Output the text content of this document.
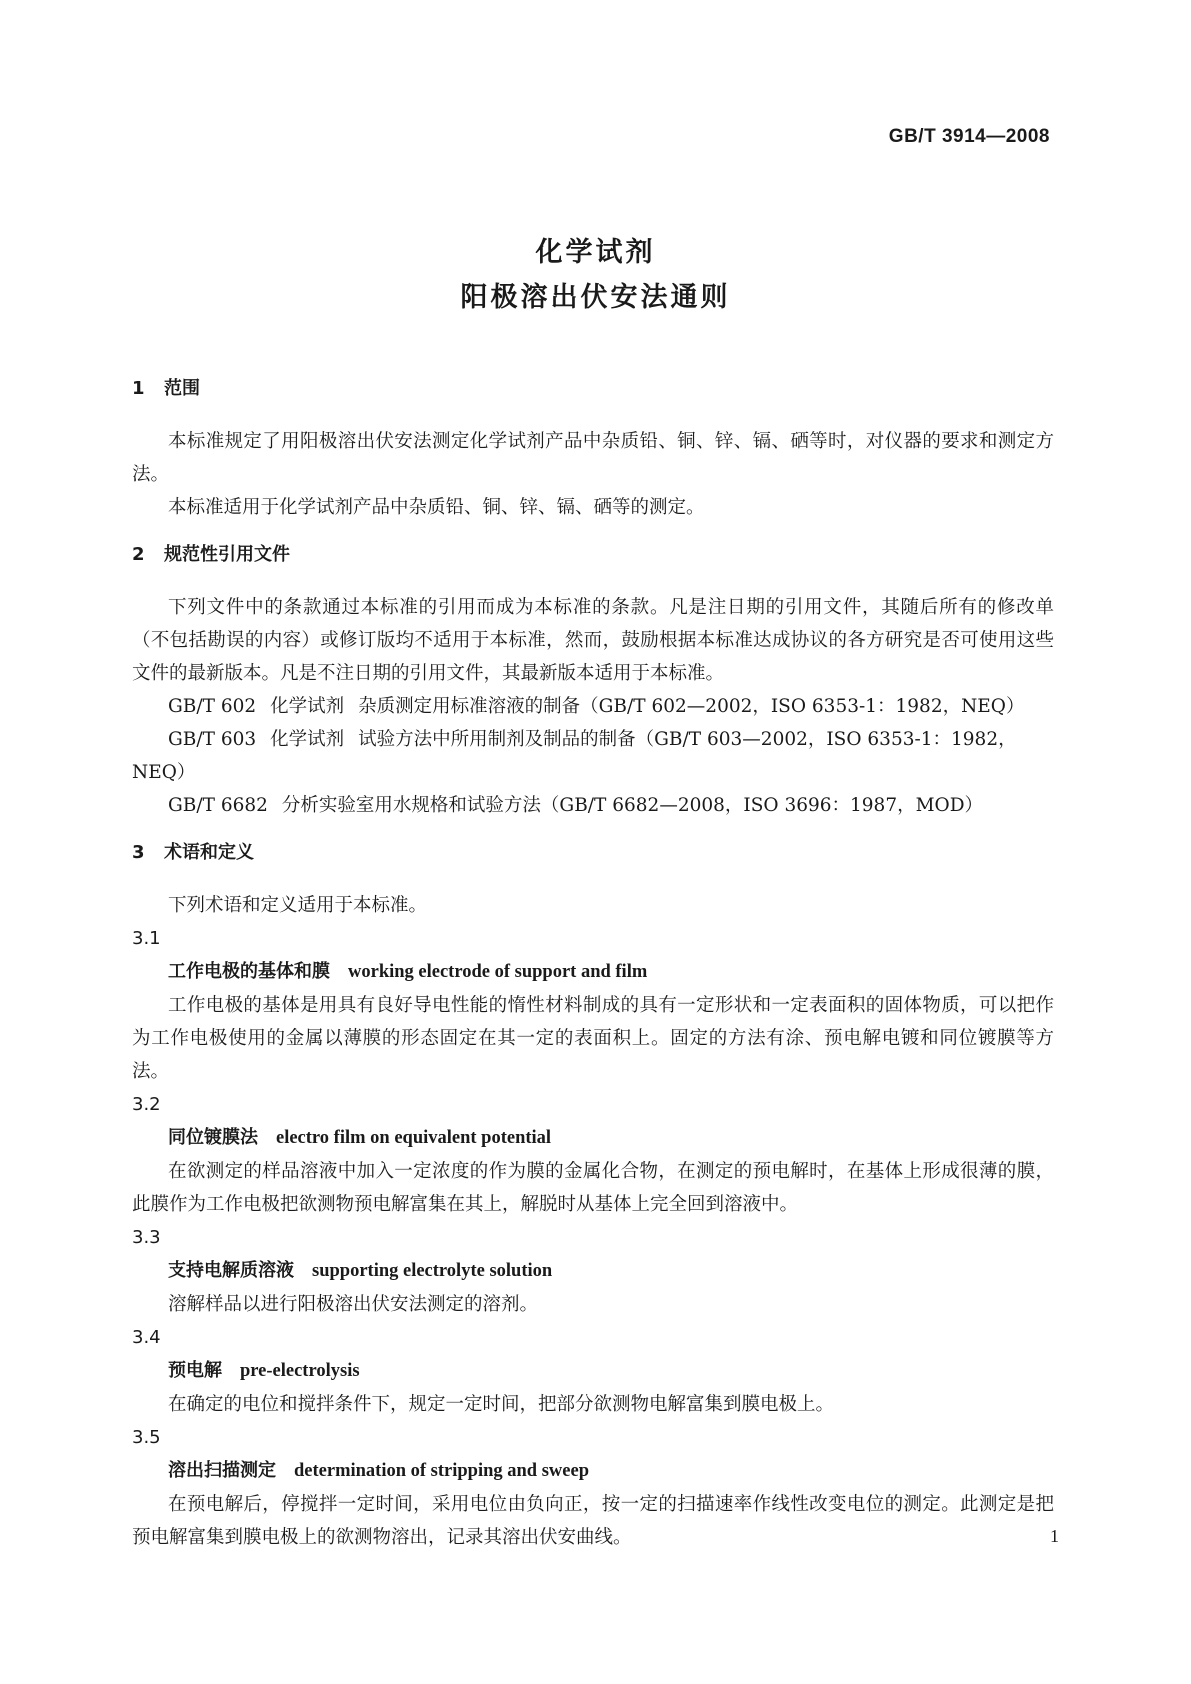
GB/T 3914—2008
化学试剂
阳极溶出伏安法通则
1 范围

本标准规定了用阳极溶出伏安法测定化学试剂产品中杂质铅、铜、锌、镉、硒等时，对仪器的要求和测定方法。

本标准适用于化学试剂产品中杂质铅、铜、锌、镉、硒等的测定。

2 规范性引用文件

下列文件中的条款通过本标准的引用而成为本标准的条款。凡是注日期的引用文件，其随后所有的修改单（不包括勘误的内容）或修订版均不适用于本标准，然而，鼓励根据本标准达成协议的各方研究是否可使用这些文件的最新版本。凡是不注日期的引用文件，其最新版本适用于本标准。

GB/T 602 化学试剂 杂质测定用标准溶液的制备（GB/T 602—2002，ISO 6353-1：1982，NEQ）

GB/T 603 化学试剂 试验方法中所用制剂及制品的制备（GB/T 603—2002，ISO 6353-1：1982，NEQ）

GB/T 6682 分析实验室用水规格和试验方法（GB/T 6682—2008，ISO 3696：1987，MOD）

3 术语和定义

下列术语和定义适用于本标准。

3.1
工作电极的基体和膜 working electrode of support and film

工作电极的基体是用具有良好导电性能的惰性材料制成的具有一定形状和一定表面积的固体物质，可以把作为工作电极使用的金属以薄膜的形态固定在其一定的表面积上。固定的方法有涂、预电解电镀和同位镀膜等方法。

3.2
同位镀膜法 electro film on equivalent potential

在欲测定的样品溶液中加入一定浓度的作为膜的金属化合物，在测定的预电解时，在基体上形成很薄的膜，此膜作为工作电极把欲测物预电解富集在其上，解脱时从基体上完全回到溶液中。

3.3
支持电解质溶液 supporting electrolyte solution

溶解样品以进行阳极溶出伏安法测定的溶剂。

3.4
预电解 pre-electrolysis

在确定的电位和搅拌条件下，规定一定时间，把部分欲测物电解富集到膜电极上。

3.5
溶出扫描测定 determination of stripping and sweep

在预电解后，停搅拌一定时间，采用电位由负向正，按一定的扫描速率作线性改变电位的测定。此测定是把预电解富集到膜电极上的欲测物溶出，记录其溶出伏安曲线。	1
